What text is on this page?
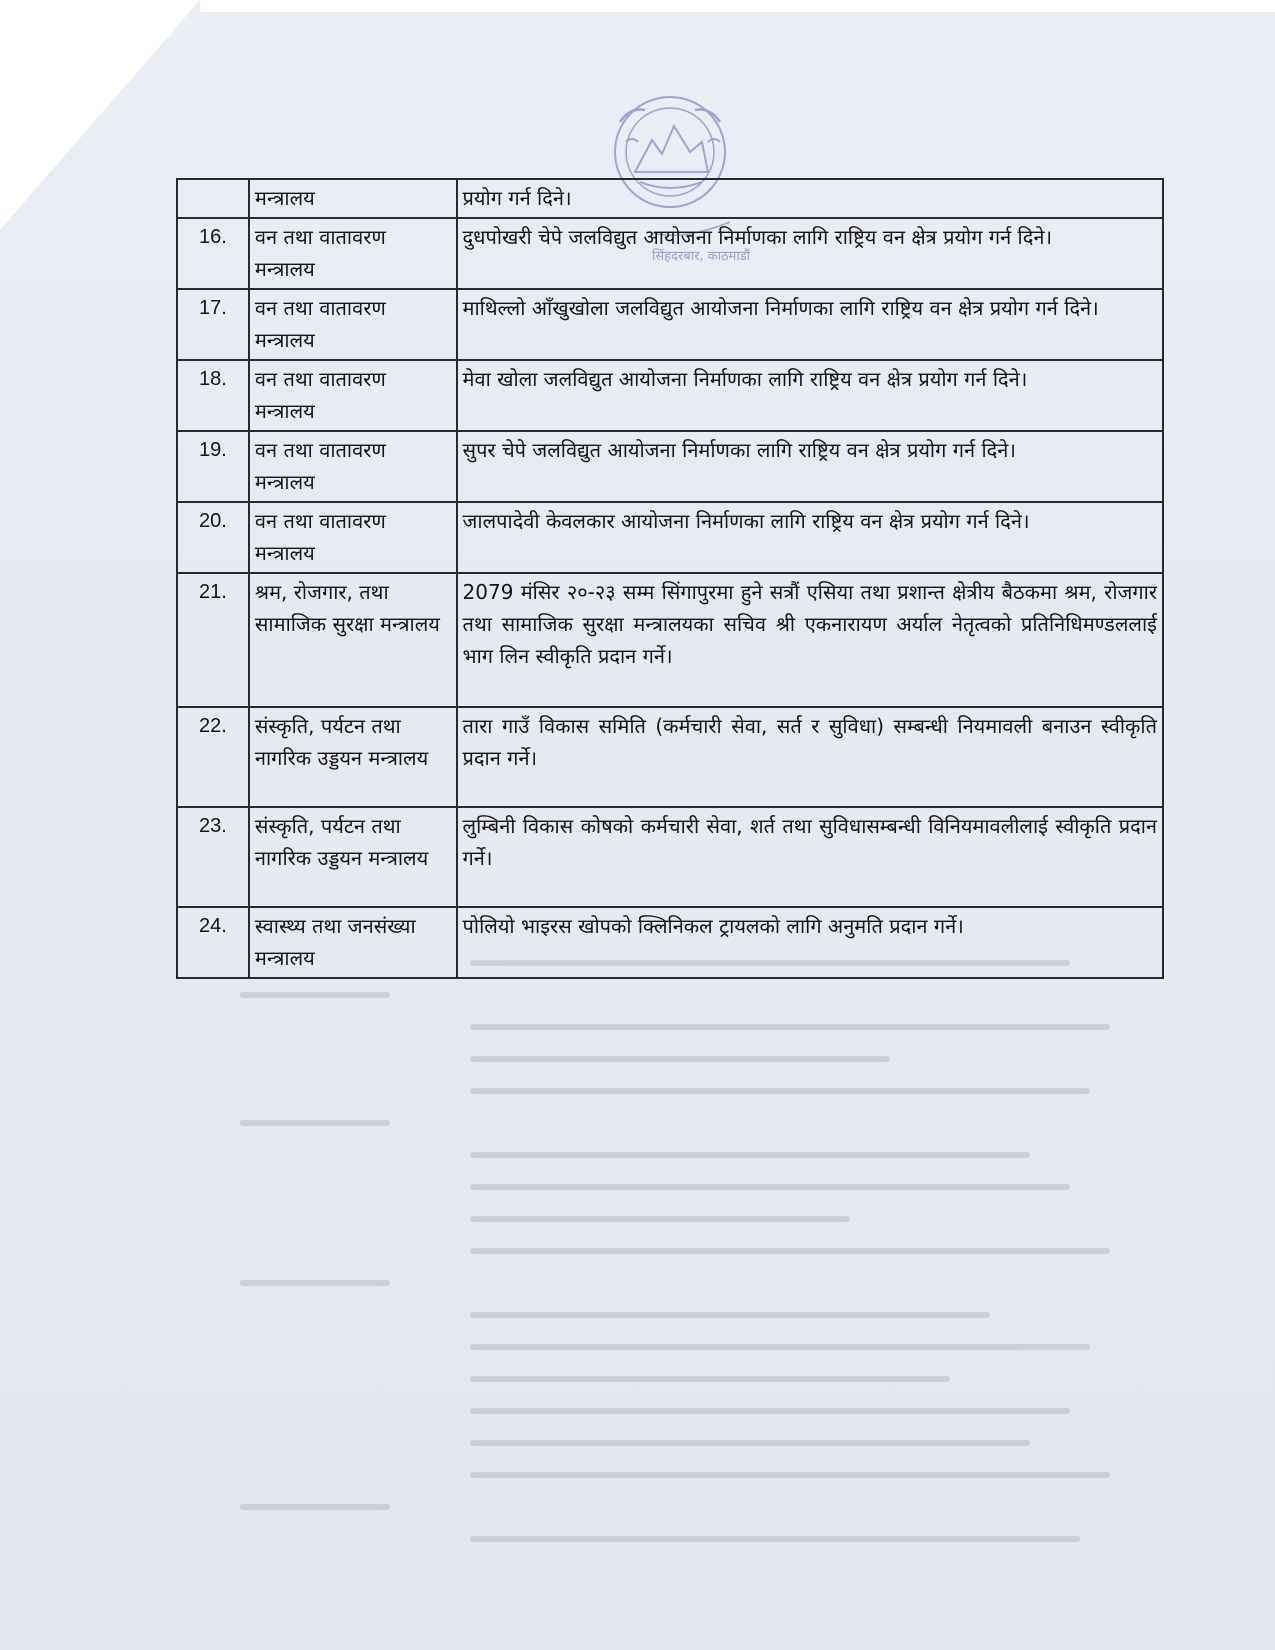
सिंहदरबार, काठमाडौं
	मन्त्रालय	प्रयोग गर्न दिने।
16.	वन तथा वातावरण मन्त्रालय	दुधपोखरी चेपे जलविद्युत आयोजना निर्माणका लागि राष्ट्रिय वन क्षेत्र प्रयोग गर्न दिने।
17.	वन तथा वातावरण मन्त्रालय	माथिल्लो आँखुखोला जलविद्युत आयोजना निर्माणका लागि राष्ट्रिय वन क्षेत्र प्रयोग गर्न दिने।
18.	वन तथा वातावरण मन्त्रालय	मेवा खोला जलविद्युत आयोजना निर्माणका लागि राष्ट्रिय वन क्षेत्र प्रयोग गर्न दिने।
19.	वन तथा वातावरण मन्त्रालय	सुपर चेपे जलविद्युत आयोजना निर्माणका लागि राष्ट्रिय वन क्षेत्र प्रयोग गर्न दिने।
20.	वन तथा वातावरण मन्त्रालय	जालपादेवी केवलकार आयोजना निर्माणका लागि राष्ट्रिय वन क्षेत्र प्रयोग गर्न दिने।
21.	श्रम, रोजगार, तथा सामाजिक सुरक्षा मन्त्रालय	2079 मंसिर २०-२३ सम्म सिंगापुरमा हुने सत्रौं एसिया तथा प्रशान्त क्षेत्रीय बैठकमा श्रम, रोजगार तथा सामाजिक सुरक्षा मन्त्रालयका सचिव श्री एकनारायण अर्याल नेतृत्वको प्रतिनिधिमण्डललाई भाग लिन स्वीकृति प्रदान गर्ने।
22.	संस्कृति, पर्यटन तथा नागरिक उड्डयन मन्त्रालय	तारा गाउँ विकास समिति (कर्मचारी सेवा, सर्त र सुविधा) सम्बन्धी नियमावली बनाउन स्वीकृति प्रदान गर्ने।
23.	संस्कृति, पर्यटन तथा नागरिक उड्डयन मन्त्रालय	लुम्बिनी विकास कोषको कर्मचारी सेवा, शर्त तथा सुविधासम्बन्धी विनियमावलीलाई स्वीकृति प्रदान गर्ने।
24.	स्वास्थ्य तथा जनसंख्या मन्त्रालय	पोलियो भाइरस खोपको क्लिनिकल ट्रायलको लागि अनुमति प्रदान गर्ने।
